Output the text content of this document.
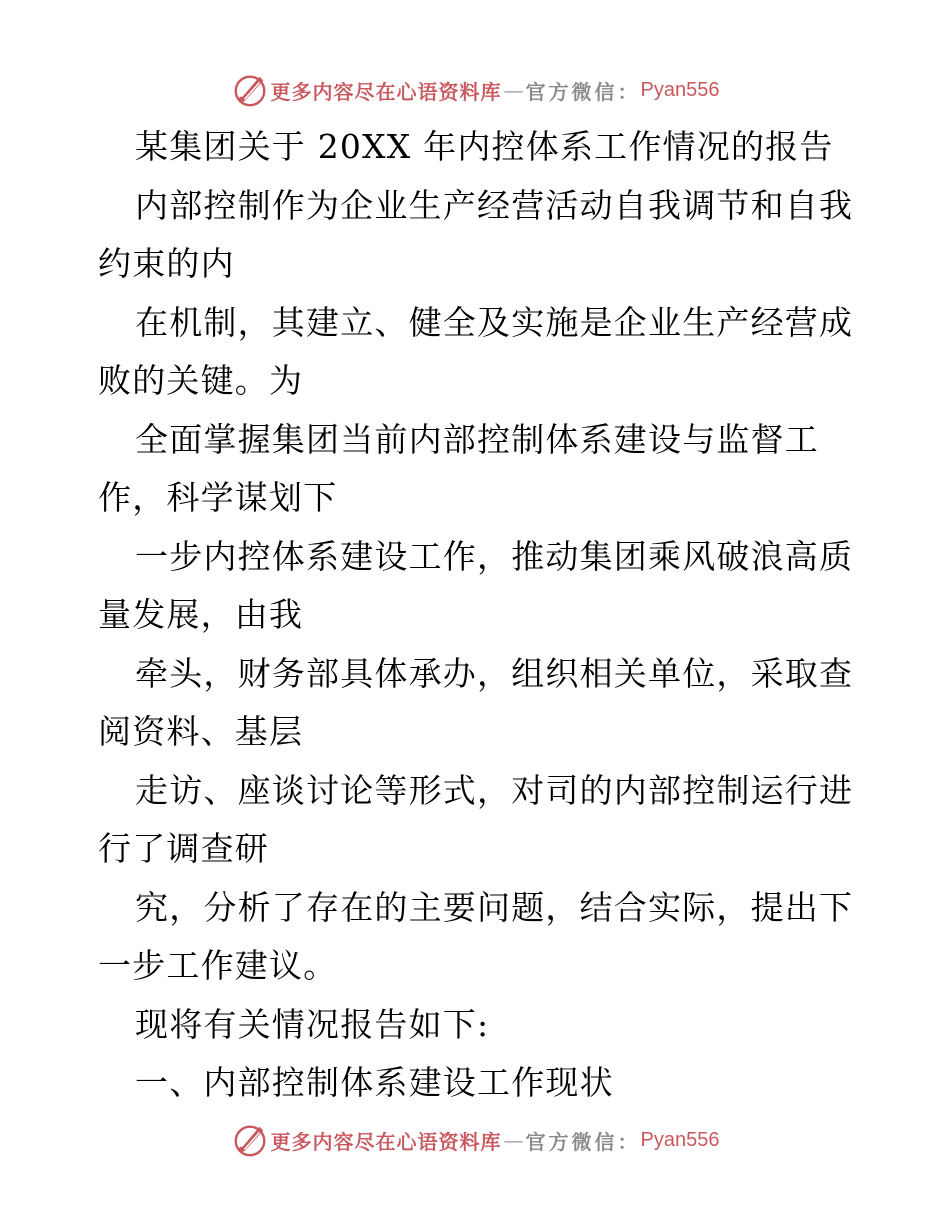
更多内容尽在心语资料库 — 官方微信： Pyan556

某集团关于 20XX 年内控体系工作情况的报告

内部控制作为企业生产经营活动自我调节和自我

约束的内

在机制，其建立、健全及实施是企业生产经营成

败的关键。为

全面掌握集团当前内部控制体系建设与监督工

作，科学谋划下

一步内控体系建设工作，推动集团乘风破浪高质

量发展，由我

牵头，财务部具体承办，组织相关单位，采取查

阅资料、基层

走访、座谈讨论等形式，对司的内部控制运行进

行了调查研

究，分析了存在的主要问题，结合实际，提出下

一步工作建议。

现将有关情况报告如下:

一、内部控制体系建设工作现状

更多内容尽在心语资料库 — 官方微信： Pyan556
